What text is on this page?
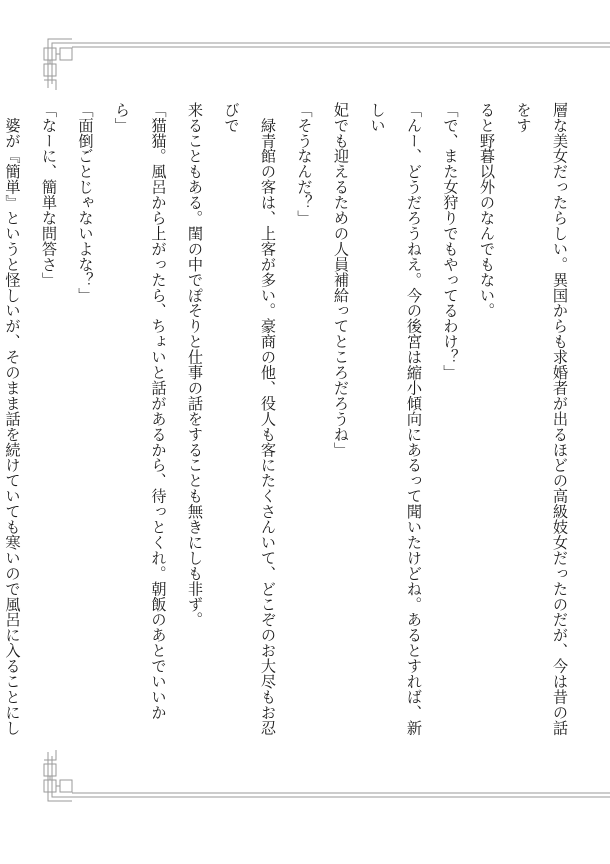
層な美女だったらしい。異国からも求婚者が出るほどの高級妓女だったのだが、今は昔の話をす

ると野暮以外のなんでもない。

「で、また女狩りでもやってるわけ？」

「んー、どうだろうねえ。今の後宮は縮小傾向にあるって聞いたけどね。あるとすれば、新しい

妃でも迎えるための人員補給ってところだろうね」

「そうなんだ？」

　緑青館の客は、上客が多い。豪商の他、役人も客にたくさんいて、どこぞのお大尽もお忍びで

来ることもある。閨の中でぽそりと仕事の話をすることも無きにしも非ず。

「猫猫。風呂から上がったら、ちょいと話があるから、待っとくれ。朝飯のあとでいいから」

「面倒ごとじゃないよな？」

「なーに、簡単な問答さ」

　婆が『簡単』というと怪しいが、そのまま話を続けていても寒いので風呂に入ることにし
